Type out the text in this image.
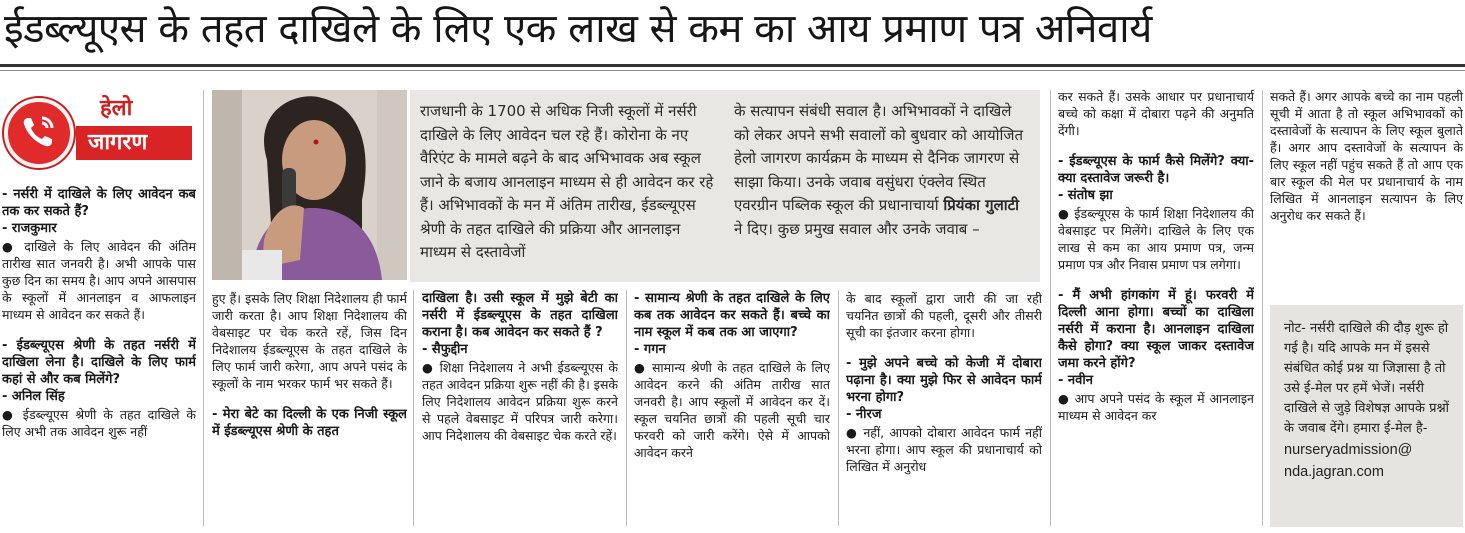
ईडब्ल्यूएस के तहत दाखिले के लिए एक लाख से कम का आय प्रमाण पत्र अनिवार्य
हेलो
जागरण

राजधानी के 1700 से अधिक निजी स्कूलों में नर्सरी दाखिले के लिए आवेदन चल रहे हैं। कोरोना के नए वैरिएंट के मामले बढ़ने के बाद अभिभावक अब स्कूल जाने के बजाय आनलाइन माध्यम से ही आवेदन कर रहे हैं। अभिभावकों के मन में अंतिम तारीख, ईडब्ल्यूएस श्रेणी के तहत दाखिले की प्रक्रिया और आनलाइन माध्यम से दस्तावेजों

के सत्यापन संबंधी सवाल है। अभिभावकों ने दाखिले को लेकर अपने सभी सवालों को बुधवार को आयोजित हेलो जागरण कार्यक्रम के माध्यम से दैनिक जागरण से साझा किया। उनके जवाब वसुंधरा एंक्लेव स्थित एवरग्रीन पब्लिक स्कूल की प्रधानाचार्या प्रियंका गुलाटी ने दिए। कुछ प्रमुख सवाल और उनके जवाब –

- नर्सरी में दाखिले के लिए आवेदन कब तक कर सकते हैं?

- राजकुमार

● दाखिले के लिए आवेदन की अंतिम तारीख सात जनवरी है। अभी आपके पास कुछ दिन का समय है। आप अपने आसपास के स्कूलों में आनलाइन व आफलाइन माध्यम से आवेदन कर सकते हैं।

- ईडब्ल्यूएस श्रेणी के तहत नर्सरी में दाखिला लेना है। दाखिले के लिए फार्म कहां से और कब मिलेंगे?

- अनिल सिंह

● ईडब्ल्यूएस श्रेणी के तहत दाखिले के लिए अभी तक आवेदन शुरू नहीं

हुए हैं। इसके लिए शिक्षा निदेशालय ही फार्म जारी करता है। आप शिक्षा निदेशालय की वेबसाइट पर चेक करते रहें, जिस दिन निदेशालय ईडब्ल्यूएस के तहत दाखिले के लिए फार्म जारी करेगा, आप अपने पसंद के स्कूलों के नाम भरकर फार्म भर सकते हैं।

- मेरा बेटे का दिल्ली के एक निजी स्कूल में ईडब्ल्यूएस श्रेणी के तहत

दाखिला है। उसी स्कूल में मुझे बेटी का नर्सरी में ईडब्ल्यूएस के तहत दाखिला कराना है। कब आवेदन कर सकते हैं ?

- सैफुद्दीन

● शिक्षा निदेशालय ने अभी ईडब्ल्यूएस के तहत आवेदन प्रक्रिया शुरू नहीं की है। इसके लिए निदेशालय आवेदन प्रक्रिया शुरू करने से पहले वेबसाइट में परिपत्र जारी करेगा। आप निदेशालय की वेबसाइट चेक करते रहें।

- सामान्य श्रेणी के तहत दाखिले के लिए कब तक आवेदन कर सकते हैं। बच्चे का नाम स्कूल में कब तक आ जाएगा?

- गगन

● सामान्य श्रेणी के तहत दाखिले के लिए आवेदन करने की अंतिम तारीख सात जनवरी है। आप स्कूलों में आवेदन कर दें। स्कूल चयनित छात्रों की पहली सूची चार फरवरी को जारी करेंगे। ऐसे में आपको आवेदन करने

के बाद स्कूलों द्वारा जारी की जा रही चयनित छात्रों की पहली, दूसरी और तीसरी सूची का इंतजार करना होगा।

- मुझे अपने बच्चे को केजी में दोबारा पढ़ाना है। क्या मुझे फिर से आवेदन फार्म भरना होगा?

- नीरज

● नहीं, आपको दोबारा आवेदन फार्म नहीं भरना होगा। आप स्कूल की प्रधानाचार्य को लिखित में अनुरोध

कर सकते हैं। उसके आधार पर प्रधानाचार्य बच्चे को कक्षा में दोबारा पढ़ने की अनुमति देंगी।

- ईडब्ल्यूएस के फार्म कैसे मिलेंगे? क्या-क्या दस्तावेज जरूरी है।

- संतोष झा

● ईडब्ल्यूएस के फार्म शिक्षा निदेशालय की वेबसाइट पर मिलेंगे। दाखिले के लिए एक लाख से कम का आय प्रमाण पत्र, जन्म प्रमाण पत्र और निवास प्रमाण पत्र लगेगा।

- मैं अभी हांगकांग में हूं। फरवरी में दिल्ली आना होगा। बच्चों का दाखिला नर्सरी में कराना है। आनलाइन दाखिला कैसे होगा? क्या स्कूल जाकर दस्तावेज जमा करने होंगे?

- नवीन

● आप अपने पसंद के स्कूल में आनलाइन माध्यम से आवेदन कर

सकते हैं। अगर आपके बच्चे का नाम पहली सूची में आता है तो स्कूल अभिभावकों को दस्तावेजों के सत्यापन के लिए स्कूल बुलाते हैं। अगर आप दस्तावेजों के सत्यापन के लिए स्कूल नहीं पहुंच सकते हैं तो आप एक बार स्कूल की मेल पर प्रधानाचार्य के नाम लिखित में आनलाइन सत्यापन के लिए अनुरोध कर सकते हैं।

नोट- नर्सरी दाखिले की दौड़ शुरू हो गई है। यदि आपके मन में इससे संबंधित कोई प्रश्न या जिज्ञासा है तो उसे ई-मेल पर हमें भेजें। नर्सरी दाखिले से जुड़े विशेषज्ञ आपके प्रश्नों के जवाब देंगे। हमारा ई-मेल है-

nurseryadmission@

nda.jagran.com
